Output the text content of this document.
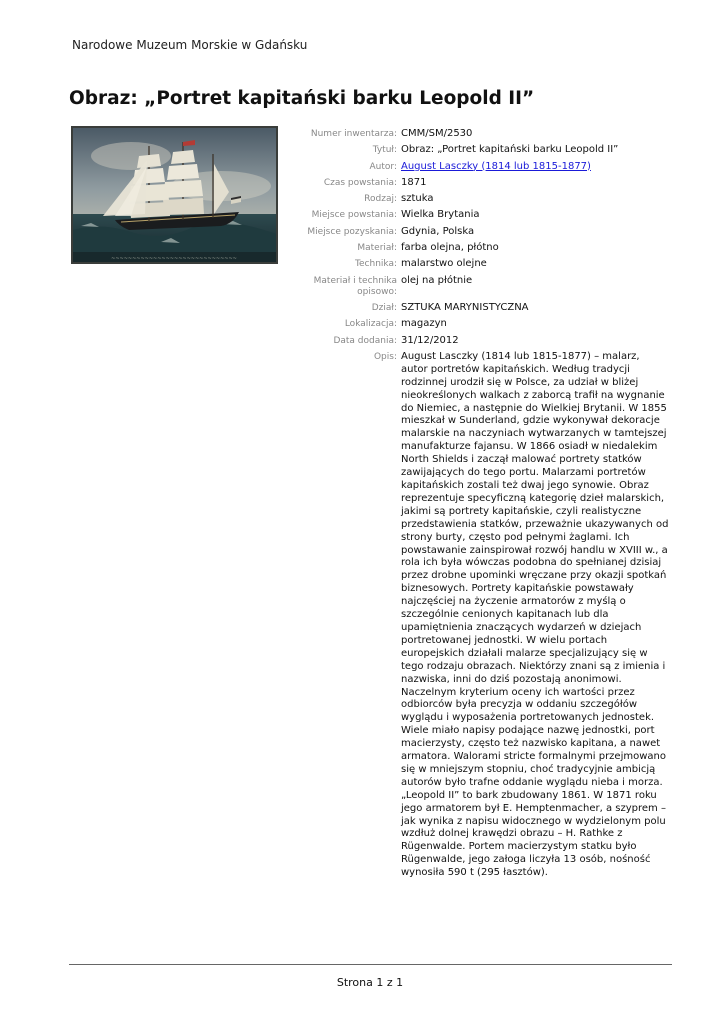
Narodowe Muzeum Morskie w Gdańsku
Obraz: „Portret kapitański barku Leopold II”
~~~~~~~~~~~~~~~~~~~~~~~~~~~~~~
Numer inwentarza: CMM/SM/2530
Tytuł: Obraz: „Portret kapitański barku Leopold II”
Autor: August Lasczky (1814 lub 1815-1877)
Czas powstania: 1871
Rodzaj: sztuka
Miejsce powstania: Wielka Brytania
Miejsce pozyskania: Gdynia, Polska
Materiał: farba olejna, płótno
Technika: malarstwo olejne
Materiał i technika opisowo:
olej na płótnie
Dział: SZTUKA MARYNISTYCZNA
Lokalizacja: magazyn
Data dodania: 31/12/2012
Opis: August Lasczky (1814 lub 1815-1877) – malarz, autor portretów kapitańskich. Według tradycji rodzinnej urodził się w Polsce, za udział w bliżej nieokreślonych walkach z zaborcą trafił na wygnanie do Niemiec, a następnie do Wielkiej Brytanii. W 1855 mieszkał w Sunderland, gdzie wykonywał dekoracje malarskie na naczyniach wytwarzanych w tamtejszej manufakturze fajansu. W 1866 osiadł w niedalekim North Shields i zaczął malować portrety statków zawijających do tego portu. Malarzami portretów kapitańskich zostali też dwaj jego synowie. Obraz reprezentuje specyficzną kategorię dzieł malarskich, jakimi są portrety kapitańskie, czyli realistyczne przedstawienia statków, przeważnie ukazywanych od strony burty, często pod pełnymi żaglami. Ich powstawanie zainspirował rozwój handlu w XVIII w., a rola ich była wówczas podobna do spełnianej dzisiaj przez drobne upominki wręczane przy okazji spotkań biznesowych. Portrety kapitańskie powstawały najczęściej na życzenie armatorów z myślą o szczególnie cenionych kapitanach lub dla upamiętnienia znaczących wydarzeń w dziejach portretowanej jednostki. W wielu portach europejskich działali malarze specjalizujący się w tego rodzaju obrazach. Niektórzy znani są z imienia i nazwiska, inni do dziś pozostają anonimowi. Naczelnym kryterium oceny ich wartości przez odbiorców była precyzja w oddaniu szczegółów wyglądu i wyposażenia portretowanych jednostek. Wiele miało napisy podające nazwę jednostki, port macierzysty, często też nazwisko kapitana, a nawet armatora. Walorami stricte formalnymi przejmowano się w mniejszym stopniu, choć tradycyjnie ambicją autorów było trafne oddanie wyglądu nieba i morza. „Leopold II” to bark zbudowany 1861. W 1871 roku jego armatorem był E. Hemptenmacher, a szyprem – jak wynika z napisu widocznego w wydzielonym polu wzdłuż dolnej krawędzi obrazu – H. Rathke z Rügenwalde. Portem macierzystym statku było Rügenwalde, jego załoga liczyła 13 osób, nośność wynosiła 590 t (295 łasztów).
Strona 1 z 1
